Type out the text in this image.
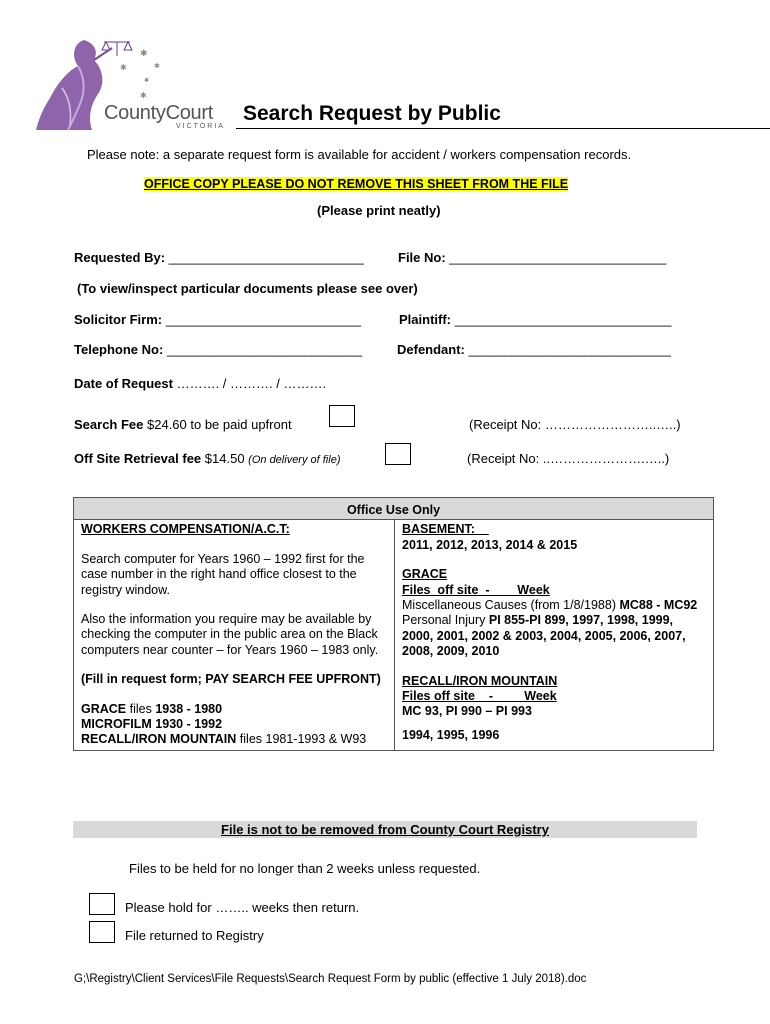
✱
✱
✱
✱
✱
CountyCourt
VICTORIA
Search Request by Public
Please note: a separate request form is available for accident / workers compensation records.
OFFICE COPY PLEASE DO NOT REMOVE THIS SHEET FROM THE FILE
(Please print neatly)
Requested By: ___________________________	File No: ______________________________
(To view/inspect particular documents please see over)
Solicitor Firm: ___________________________	Plaintiff: ______________________________
Telephone No: ___________________________	Defendant: ____________________________
Date of Request ………. / ………. / ……….
Search Fee $24.60 to be paid upfront	(Receipt No: ……………………..…..)
Off Site Retrieval fee $14.50 (On delivery of file)	(Receipt No: ..………………….…..)
Office Use Only

WORKERS COMPENSATION/A.C.T:
Search computer for Years 1960 – 1992 first for the case number in the right hand office closest to the registry window.
Also the information you require may be available by checking the computer in the public area on the Black computers near counter – for Years 1960 – 1983 only.
(Fill in request form; PAY SEARCH FEE UPFRONT)
GRACE files 1938 - 1980
MICROFILM 1930 - 1992
RECALL/IRON MOUNTAIN files 1981-1993 & W93

BASEMENT:
2011, 2012, 2013, 2014 & 2015
GRACE
Files  off site  -        Week
Miscellaneous Causes (from 1/8/1988) MC88 - MC92
Personal Injury PI 855-PI 899, 1997, 1998, 1999, 2000, 2001, 2002 & 2003, 2004, 2005, 2006, 2007, 2008, 2009, 2010
RECALL/IRON MOUNTAIN
Files off site    -         Week
MC 93, PI 990 – PI 993
1994, 1995, 1996
File is not to be removed from County Court Registry
Files to be held for no longer than 2 weeks unless requested.
Please hold for …….. weeks then return.
File returned to Registry
G;\Registry\Client Services\File Requests\Search Request Form by public (effective 1 July 2018).doc
